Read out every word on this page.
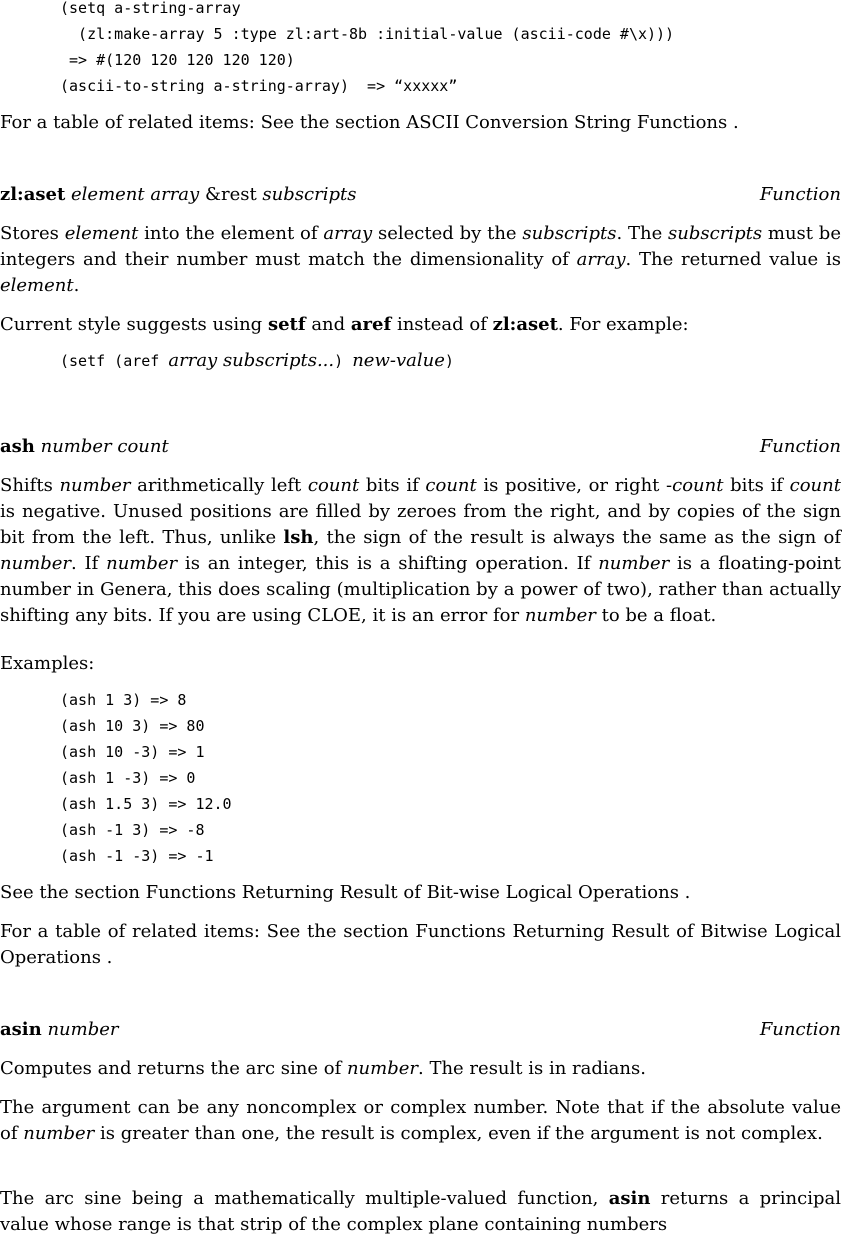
(setq a-string-array
(zl:make-array 5 :type zl:art-8b :initial-value (ascii-code #\x)))
=> #(120 120 120 120 120)
(ascii-to-string a-string-array)  => “xxxxx”

For a table of related items: See the section ASCII Conversion String Functions .

zl:aset element array &rest subscripts	Function

Stores element into the element of array selected by the subscripts. The subscripts must be integers and their number must match the dimensionality of array. The returned value is element.

Current style suggests using setf and aref instead of zl:aset. For example:

(setf (aref array subscripts...) new-value)
ash number count	Function

Shifts number arithmetically left count bits if count is positive, or right -count bits if count is negative. Unused positions are filled by zeroes from the right, and by copies of the sign bit from the left. Thus, unlike lsh, the sign of the result is always the same as the sign of number. If number is an integer, this is a shifting operation. If number is a floating-point number in Genera, this does scaling (multiplication by a power of two), rather than actually shifting any bits. If you are using CLOE, it is an error for number to be a float.

Examples:

(ash 1 3) => 8
(ash 10 3) => 80
(ash 10 -3) => 1
(ash 1 -3) => 0
(ash 1.5 3) => 12.0
(ash -1 3) => -8
(ash -1 -3) => -1

See the section Functions Returning Result of Bit-wise Logical Operations .

For a table of related items: See the section Functions Returning Result of Bitwise Logical Operations .

asin number	Function

Computes and returns the arc sine of number. The result is in radians.

The argument can be any noncomplex or complex number. Note that if the absolute value of number is greater than one, the result is complex, even if the argument is not complex.

The arc sine being a mathematically multiple-valued function, asin returns a principal value whose range is that strip of the complex plane containing numbers
